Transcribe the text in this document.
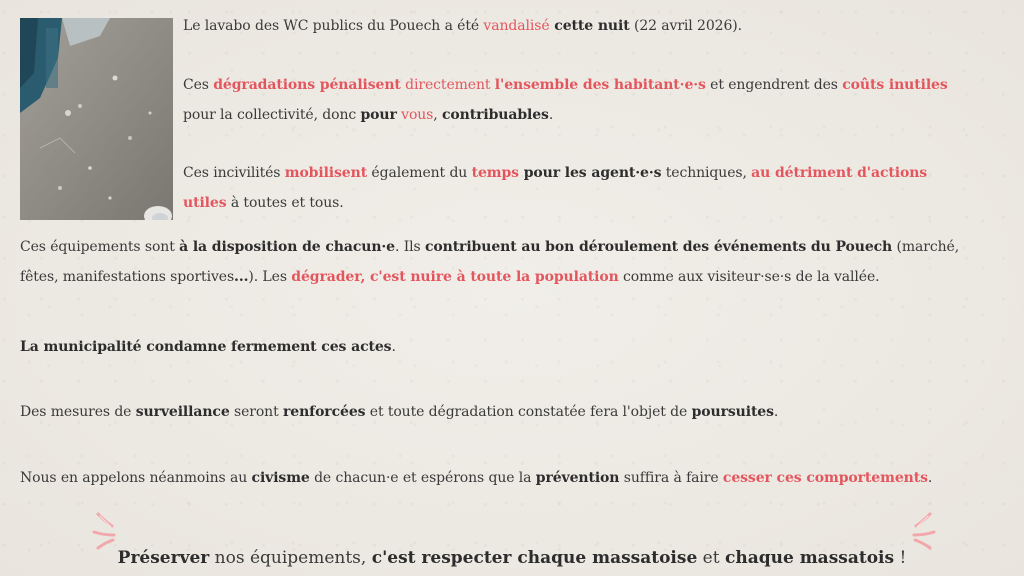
Le lavabo des WC publics du Pouech a été vandalisé cette nuit (22 avril 2026).

Ces dégradations pénalisent directement l'ensemble des habitant·e·s et engendrent des coûts inutiles
pour la collectivité, donc pour vous, contribuables.

Ces incivilités mobilisent également du temps pour les agent·e·s techniques, au détriment d'actions
utiles à toutes et tous.

Ces équipements sont à la disposition de chacun·e. Ils contribuent au bon déroulement des événements du Pouech (marché,
fêtes, manifestations sportives...). Les dégrader, c'est nuire à toute la population comme aux visiteur·se·s de la vallée.

La municipalité condamne fermement ces actes.

Des mesures de surveillance seront renforcées et toute dégradation constatée fera l'objet de poursuites.

Nous en appelons néanmoins au civisme de chacun·e et espérons que la prévention suffira à faire cesser ces comportements.

Préserver nos équipements, c'est respecter chaque massatoise et chaque massatois !
